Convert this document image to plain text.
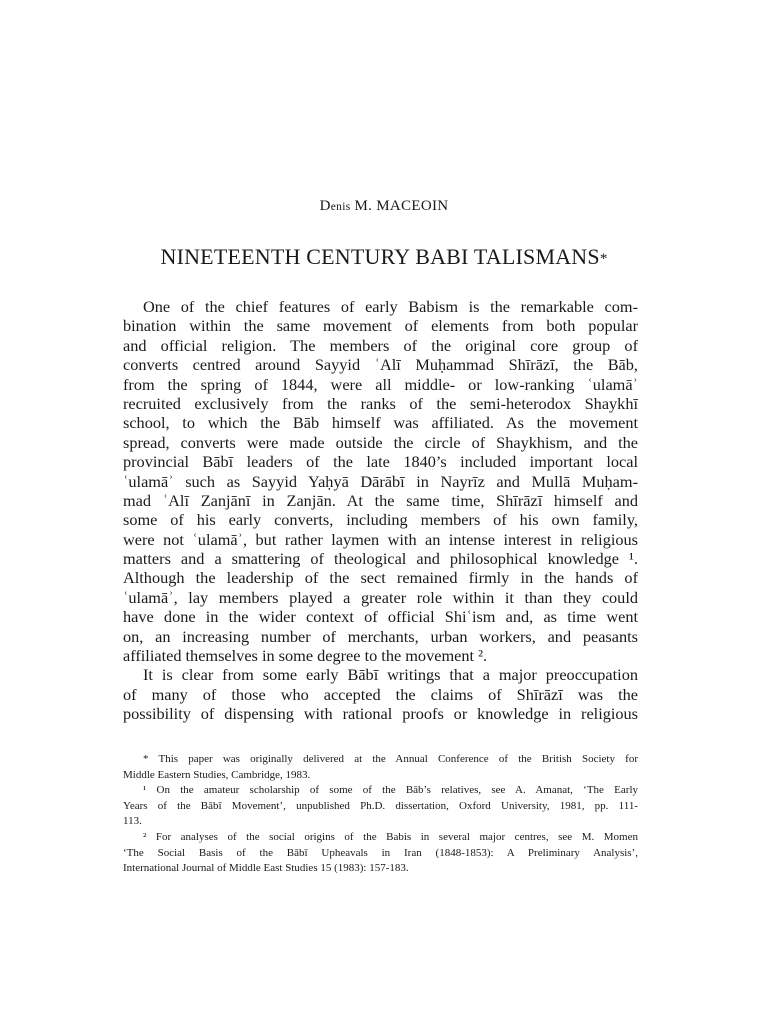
Denis M. MACEOIN
NINETEENTH CENTURY BABI TALISMANS*
One of the chief features of early Babism is the remarkable com-
bination within the same movement of elements from both popular
and official religion. The members of the original core group of
converts centred around Sayyid ʿAlī Muḥammad Shīrāzī, the Bāb,
from the spring of 1844, were all middle- or low-ranking ʿulamāʾ
recruited exclusively from the ranks of the semi-heterodox Shaykhī
school, to which the Bāb himself was affiliated. As the movement
spread, converts were made outside the circle of Shaykhism, and the
provincial Bābī leaders of the late 1840’s included important local
ʿulamāʾ such as Sayyid Yaḥyā Dārābī in Nayrīz and Mullā Muḥam-
mad ʿAlī Zanjānī in Zanjān. At the same time, Shīrāzī himself and
some of his early converts, including members of his own family,
were not ʿulamāʾ, but rather laymen with an intense interest in religious
matters and a smattering of theological and philosophical knowledge ¹.
Although the leadership of the sect remained firmly in the hands of
ʿulamāʾ, lay members played a greater role within it than they could
have done in the wider context of official Shiʿism and, as time went
on, an increasing number of merchants, urban workers, and peasants
affiliated themselves in some degree to the movement ².
It is clear from some early Bābī writings that a major preoccupation
of many of those who accepted the claims of Shīrāzī was the
possibility of dispensing with rational proofs or knowledge in religious
* This paper was originally delivered at the Annual Conference of the British Society for
Middle Eastern Studies, Cambridge, 1983.
¹ On the amateur scholarship of some of the Bāb’s relatives, see A. Amanat, ‘The Early
Years of the Bābī Movement’, unpublished Ph.D. dissertation, Oxford University, 1981, pp. 111-
113.
² For analyses of the social origins of the Babis in several major centres, see M. Momen
‘The Social Basis of the Bābī Upheavals in Iran (1848-1853): A Preliminary Analysis’,
International Journal of Middle East Studies 15 (1983): 157-183.
